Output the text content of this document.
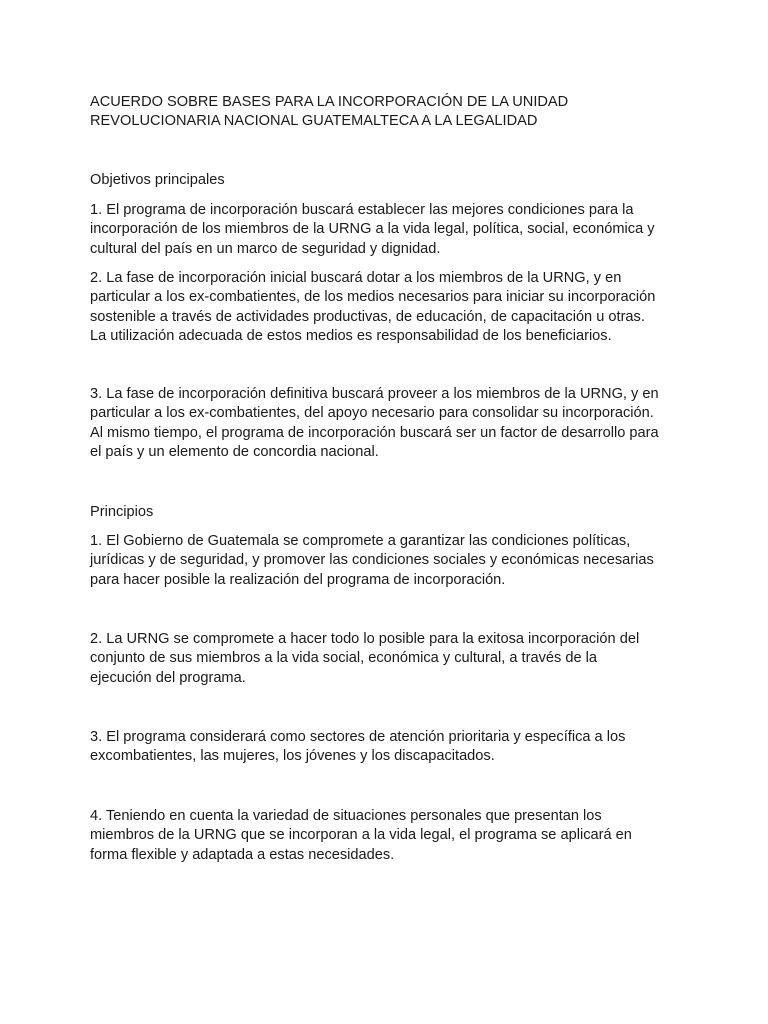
ACUERDO SOBRE BASES PARA LA INCORPORACIÓN DE LA UNIDAD
REVOLUCIONARIA NACIONAL GUATEMALTECA A LA LEGALIDAD
Objetivos principales

1. El programa de incorporación buscará establecer las mejores condiciones para la
incorporación de los miembros de la URNG a la vida legal, política, social, económica y
cultural del país en un marco de seguridad y dignidad.

2. La fase de incorporación inicial buscará dotar a los miembros de la URNG, y en
particular a los ex-combatientes, de los medios necesarios para iniciar su incorporación
sostenible a través de actividades productivas, de educación, de capacitación u otras.
La utilización adecuada de estos medios es responsabilidad de los beneficiarios.

3. La fase de incorporación definitiva buscará proveer a los miembros de la URNG, y en
particular a los ex-combatientes, del apoyo necesario para consolidar su incorporación.
Al mismo tiempo, el programa de incorporación buscará ser un factor de desarrollo para
el país y un elemento de concordia nacional.

Principios

1. El Gobierno de Guatemala se compromete a garantizar las condiciones políticas,
jurídicas y de seguridad, y promover las condiciones sociales y económicas necesarias
para hacer posible la realización del programa de incorporación.

2. La URNG se compromete a hacer todo lo posible para la exitosa incorporación del
conjunto de sus miembros a la vida social, económica y cultural, a través de la
ejecución del programa.

3. El programa considerará como sectores de atención prioritaria y específica a los
excombatientes, las mujeres, los jóvenes y los discapacitados.

4. Teniendo en cuenta la variedad de situaciones personales que presentan los
miembros de la URNG que se incorporan a la vida legal, el programa se aplicará en
forma flexible y adaptada a estas necesidades.
